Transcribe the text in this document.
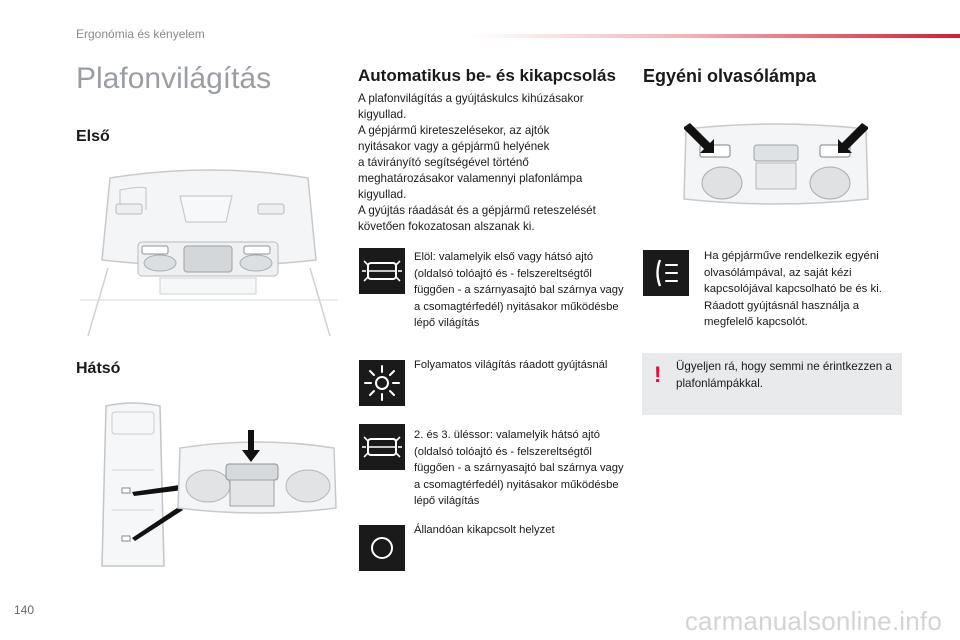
Ergonómia és kényelem
Plafonvilágítás
Első
Hátsó
Automatikus be- és kikapcsolás
A plafonvilágítás a gyújtáskulcs kihúzásakor
kigyullad.
A gépjármű kireteszelésekor, az ajtók
nyitásakor vagy a gépjármű helyének
a távirányító segítségével történő
meghatározásakor valamennyi plafonlámpa
kigyullad.
A gyújtás ráadását és a gépjármű reteszelését
követően fokozatosan alszanak ki.
Elöl: valamelyik első vagy hátsó ajtó (oldalsó tolóajtó és - felszereltségtől függően - a szárnyasajtó bal szárnya vagy a csomagtérfedél) nyitásakor működésbe lépő világítás
Folyamatos világítás ráadott gyújtásnál
2. és 3. üléssor: valamelyik hátsó ajtó (oldalsó tolóajtó és - felszereltségtől függően - a szárnyasajtó bal szárnya vagy a csomagtérfedél) nyitásakor működésbe lépő világítás
Állandóan kikapcsolt helyzet
Egyéni olvasólámpa
Ha gépjárműve rendelkezik egyéni olvasólámpával, az saját kézi kapcsolójával kapcsolható be és ki. Ráadott gyújtásnál használja a megfelelő kapcsolót.
! Ügyeljen rá, hogy semmi ne érintkezzen a plafonlámpákkal.
140	carmanualsonline.info
